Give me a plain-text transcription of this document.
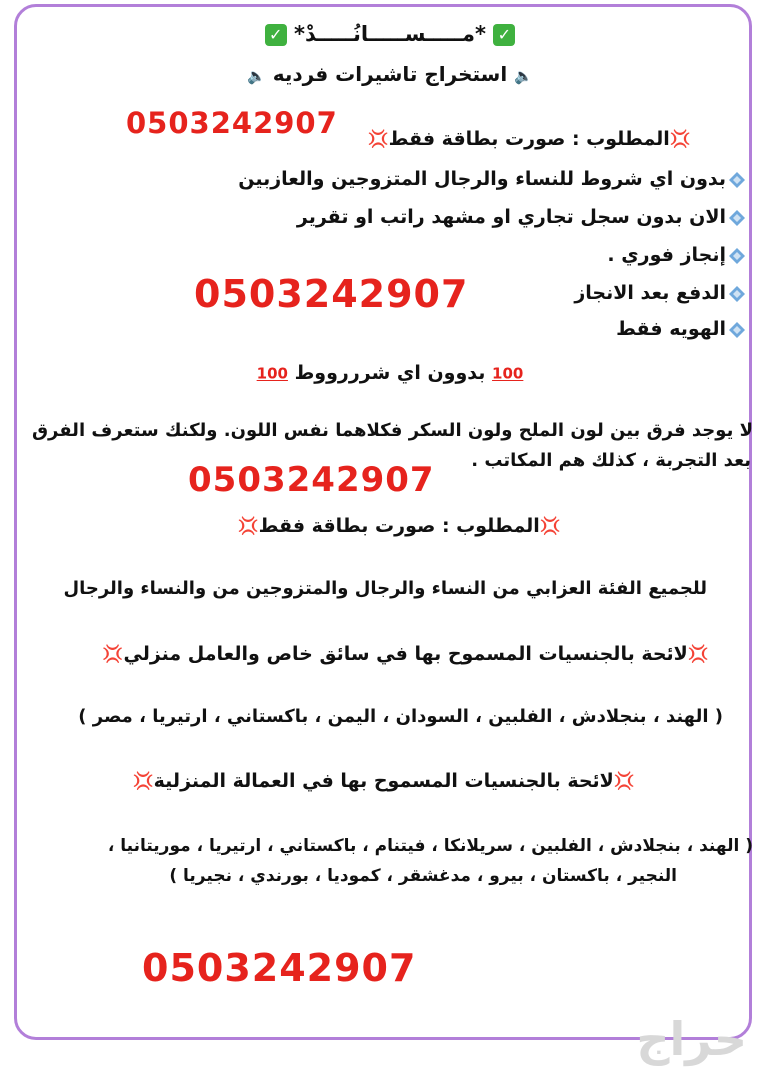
✓ *مـــــســـــانُـــــدْ* ✓
🔈 استخراج تاشيرات فرديه 🔈
0503242907	💢المطلوب : صورت بطاقة فقط💢
بدون اي شروط للنساء والرجال المتزوجين والعازبين
الان بدون سجل تجاري او مشهد راتب او تقرير
إنجاز فوري .
0503242907	الدفع بعد الانجاز
الهويه فقط
100 بدوون اي شرررووط 100
لا يوجد فرق بين لون الملح ولون السكر فكلاهما نفس اللون. ولكنك ستعرف الفرق
بعد التجربة ، كذلك هم المكاتب .
0503242907
💢المطلوب : صورت بطاقة فقط💢
للجميع الفئة العزابي من النساء والرجال والمتزوجين من والنساء والرجال
💢لائحة بالجنسيات المسموح بها في سائق خاص والعامل منزلي💢
( الهند ، بنجلادش ، الفلبين ، السودان ، اليمن ، باكستاني ، ارتيريا ، مصر )
💢لائحة بالجنسيات المسموح بها في العمالة المنزلية💢
( الهند ، بنجلادش ، الفلبين ، سريلانكا ، فيتنام ، باكستاني ، ارتيريا ، موريتانيا ،
النجير ، باكستان ، بيرو ، مدغشقر ، كموديا ، بورندي ، نجيريا )
0503242907
حراج
